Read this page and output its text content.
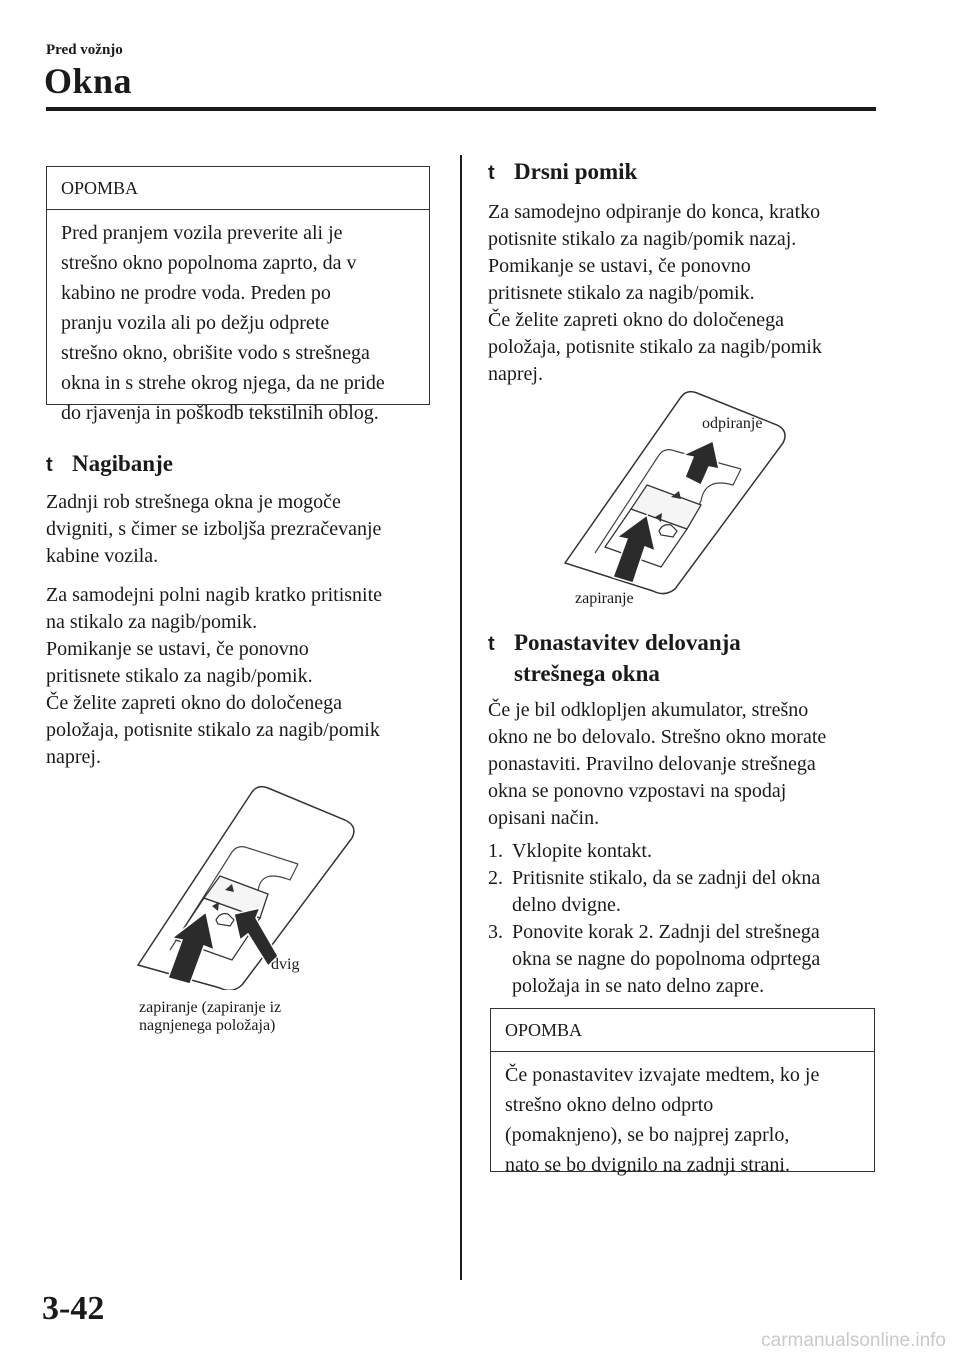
Pred vožnjo
Okna
OPOMBA
Pred pranjem vozila preverite ali je
strešno okno popolnoma zaprto, da v
kabino ne prodre voda. Preden po
pranju vozila ali po dežju odprete
strešno okno, obrišite vodo s strešnega
okna in s strehe okrog njega, da ne pride
do rjavenja in poškodb tekstilnih oblog.
t Nagibanje
Zadnji rob strešnega okna je mogoče
dvigniti, s čimer se izboljša prezračevanje
kabine vozila.
Za samodejni polni nagib kratko pritisnite
na stikalo za nagib/pomik.
Pomikanje se ustavi, če ponovno
pritisnete stikalo za nagib/pomik.
Če želite zapreti okno do določenega
položaja, potisnite stikalo za nagib/pomik
naprej.
dvig
zapiranje (zapiranje iz
nagnjenega položaja)
t Drsni pomik
Za samodejno odpiranje do konca, kratko
potisnite stikalo za nagib/pomik nazaj.
Pomikanje se ustavi, če ponovno
pritisnete stikalo za nagib/pomik.
Če želite zapreti okno do določenega
položaja, potisnite stikalo za nagib/pomik
naprej.
odpiranje
zapiranje
t Ponastavitev delovanja
strešnega okna
Če je bil odklopljen akumulator, strešno
okno ne bo delovalo. Strešno okno morate
ponastaviti. Pravilno delovanje strešnega
okna se ponovno vzpostavi na spodaj
opisani način.
1. Vklopite kontakt.
2. Pritisnite stikalo, da se zadnji del okna
delno dvigne.
3. Ponovite korak 2. Zadnji del strešnega
okna se nagne do popolnoma odprtega
položaja in se nato delno zapre.
OPOMBA
Če ponastavitev izvajate medtem, ko je
strešno okno delno odprto
(pomaknjeno), se bo najprej zaprlo,
nato se bo dvignilo na zadnji strani.
3-42
carmanualsonline.info
